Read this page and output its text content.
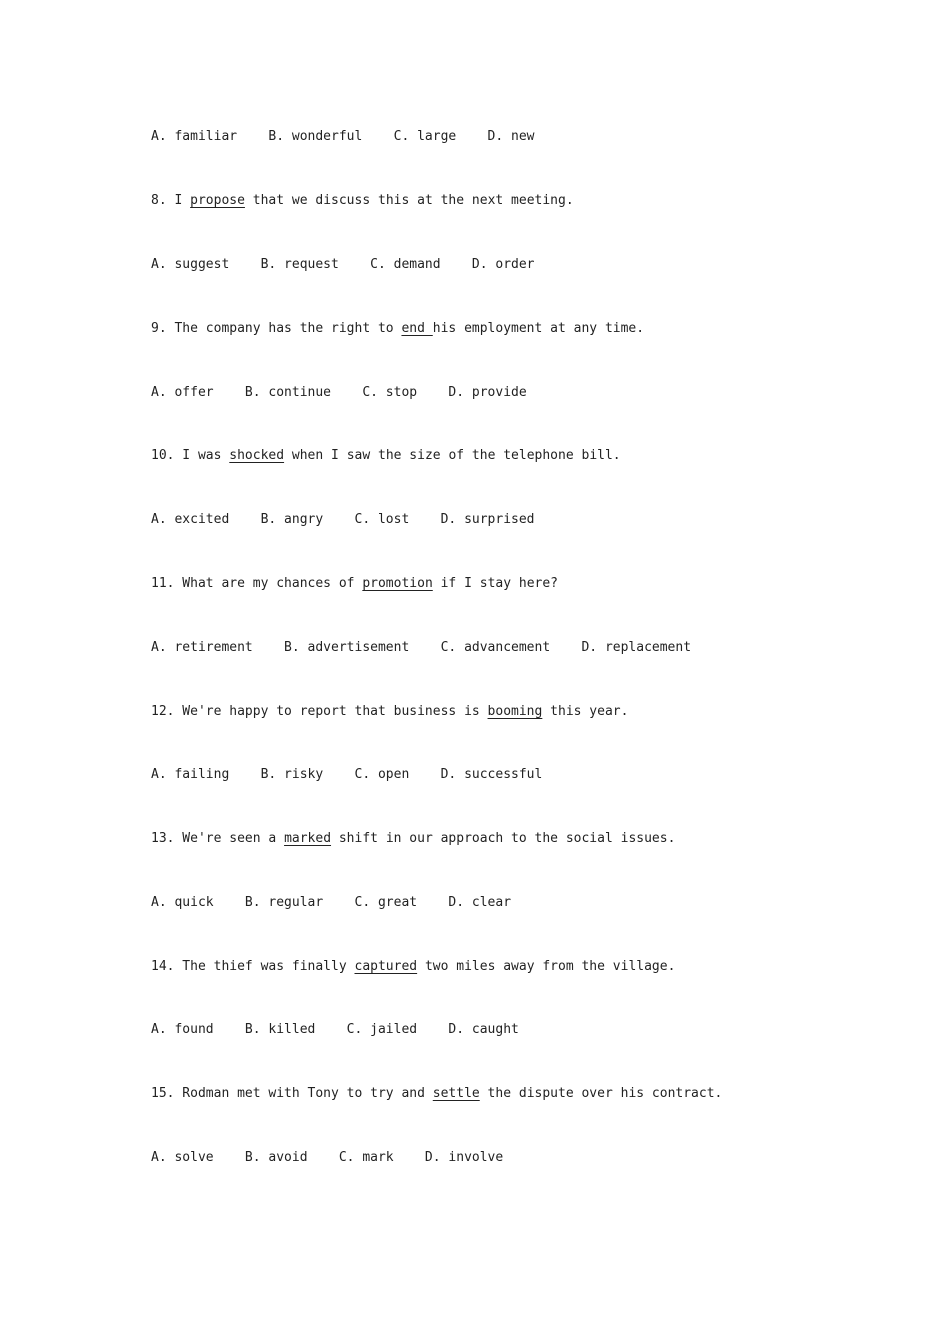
A. familiar    B. wonderful    C. large    D. new
8. I propose that we discuss this at the next meeting.
A. suggest    B. request    C. demand    D. order
9. The company has the right to end his employment at any time.
A. offer    B. continue    C. stop    D. provide
10. I was shocked when I saw the size of the telephone bill.
A. excited    B. angry    C. lost    D. surprised
11. What are my chances of promotion if I stay here?
A. retirement    B. advertisement    C. advancement    D. replacement
12. We're happy to report that business is booming this year.
A. failing    B. risky    C. open    D. successful
13. We're seen a marked shift in our approach to the social issues.
A. quick    B. regular    C. great    D. clear
14. The thief was finally captured two miles away from the village.
A. found    B. killed    C. jailed    D. caught
15. Rodman met with Tony to try and settle the dispute over his contract.
A. solve    B. avoid    C. mark    D. involve
